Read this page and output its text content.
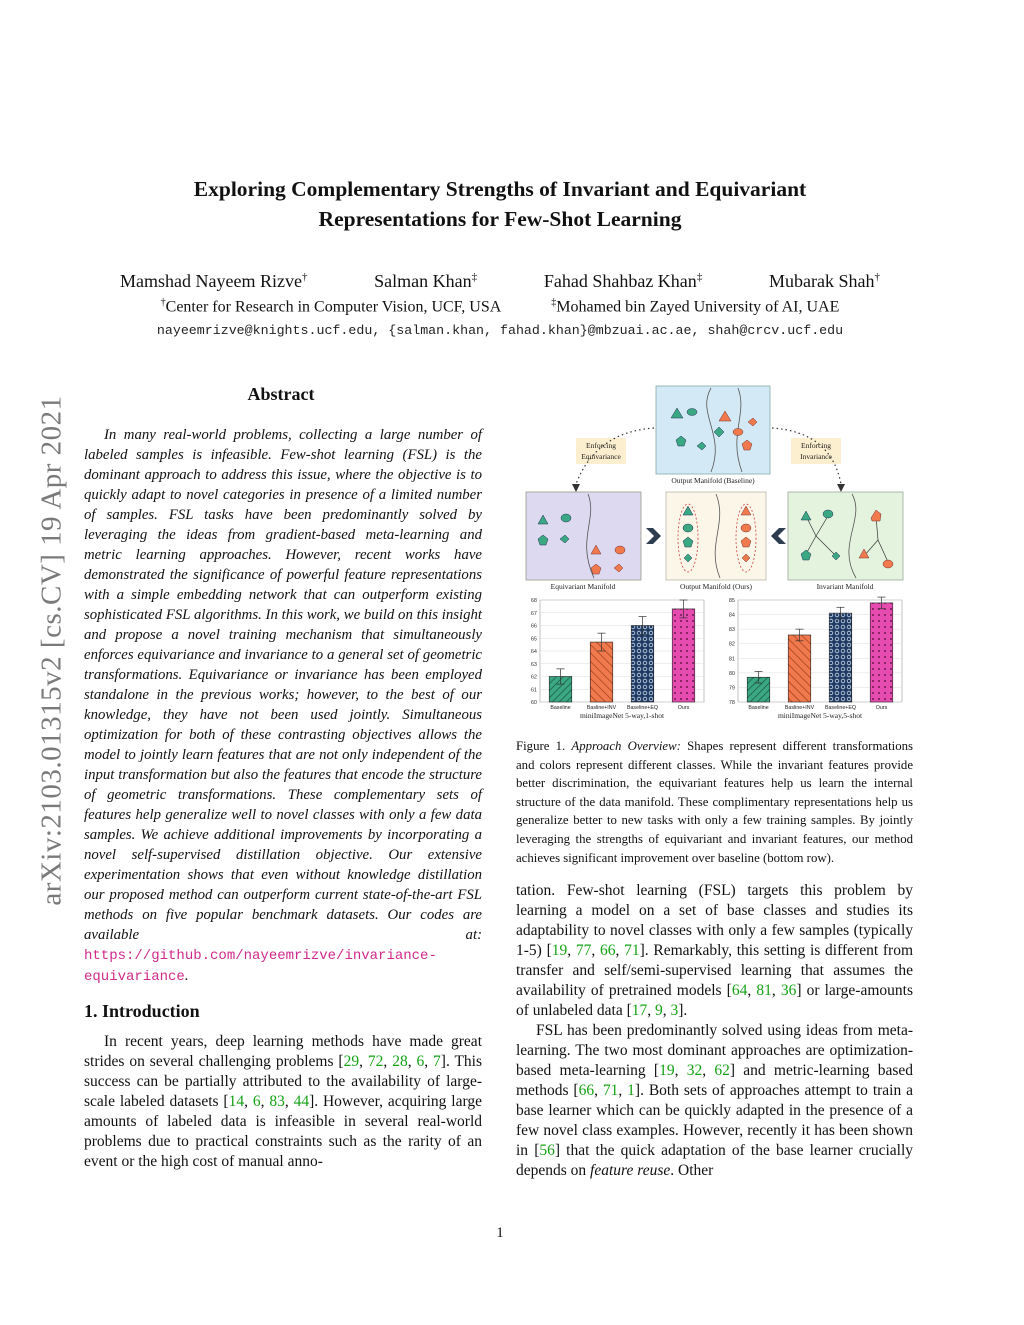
arXiv:2103.01315v2 [cs.CV] 19 Apr 2021
Exploring Complementary Strengths of Invariant and Equivariant
Representations for Few-Shot Learning
Mamshad Nayeem Rizve†	Salman Khan‡	Fahad Shahbaz Khan‡	Mubarak Shah†
†Center for Research in Computer Vision, UCF, USA	‡Mohamed bin Zayed University of AI, UAE
nayeemrizve@knights.ucf.edu, {salman.khan, fahad.khan}@mbzuai.ac.ae, shah@crcv.ucf.edu
Abstract

In many real-world problems, collecting a large number of labeled samples is infeasible. Few-shot learning (FSL) is the dominant approach to address this issue, where the objective is to quickly adapt to novel categories in presence of a limited number of samples. FSL tasks have been predominantly solved by leveraging the ideas from gradient-based meta-learning and metric learning approaches. However, recent works have demonstrated the significance of powerful feature representations with a simple embedding network that can outperform existing sophisticated FSL algorithms. In this work, we build on this insight and propose a novel training mechanism that simultaneously enforces equivariance and invariance to a general set of geometric transformations. Equivariance or invariance has been employed standalone in the previous works; however, to the best of our knowledge, they have not been used jointly. Simultaneous optimization for both of these contrasting objectives allows the model to jointly learn features that are not only independent of the input transformation but also the features that encode the structure of geometric transformations. These complementary sets of features help generalize well to novel classes with only a few data samples. We achieve additional improvements by incorporating a novel self-supervised distillation objective. Our extensive experimentation shows that even without knowledge distillation our proposed method can outperform current state-of-the-art FSL methods on five popular benchmark datasets. Our codes are available at: https://github.com/nayeemrizve/invariance-equivariance.

1. Introduction

In recent years, deep learning methods have made great strides on several challenging problems [29, 72, 28, 6, 7]. This success can be partially attributed to the availability of large-scale labeled datasets [14, 6, 83, 44]. However, acquiring large amounts of labeled data is infeasible in several real-world problems due to practical constraints such as the rarity of an event or the high cost of manual anno-

Output Manifold (Baseline)
Enforcing
Equivariance
Enforcing
Invariance
Equivariant Manifold	Output Manifold (Ours)	Invariant Manifold
60
61
62
63
64
65
66
67
68
Baseline	Basline+INV Baseline+EQ	Ours
miniImageNet 5-way,1-shot
78
79
80
81
82
83
84
85
Baseline	Basline+INV Baseline+EQ	Ours
miniImageNet 5-way,5-shot

Figure 1. Approach Overview: Shapes represent different transformations and colors represent different classes. While the invariant features provide better discrimination, the equivariant features help us learn the internal structure of the data manifold. These complimentary representations help us generalize better to new tasks with only a few training samples. By jointly leveraging the strengths of equivariant and invariant features, our method achieves significant improvement over baseline (bottom row).

tation. Few-shot learning (FSL) targets this problem by learning a model on a set of base classes and studies its adaptability to novel classes with only a few samples (typically 1-5) [19, 77, 66, 71]. Remarkably, this setting is different from transfer and self/semi-supervised learning that assumes the availability of pretrained models [64, 81, 36] or large-amounts of unlabeled data [17, 9, 3].

FSL has been predominantly solved using ideas from meta-learning. The two most dominant approaches are optimization-based meta-learning [19, 32, 62] and metric-learning based methods [66, 71, 1]. Both sets of approaches attempt to train a base learner which can be quickly adapted in the presence of a few novel class examples. However, recently it has been shown in [56] that the quick adaptation of the base learner crucially depends on feature reuse. Other

1
